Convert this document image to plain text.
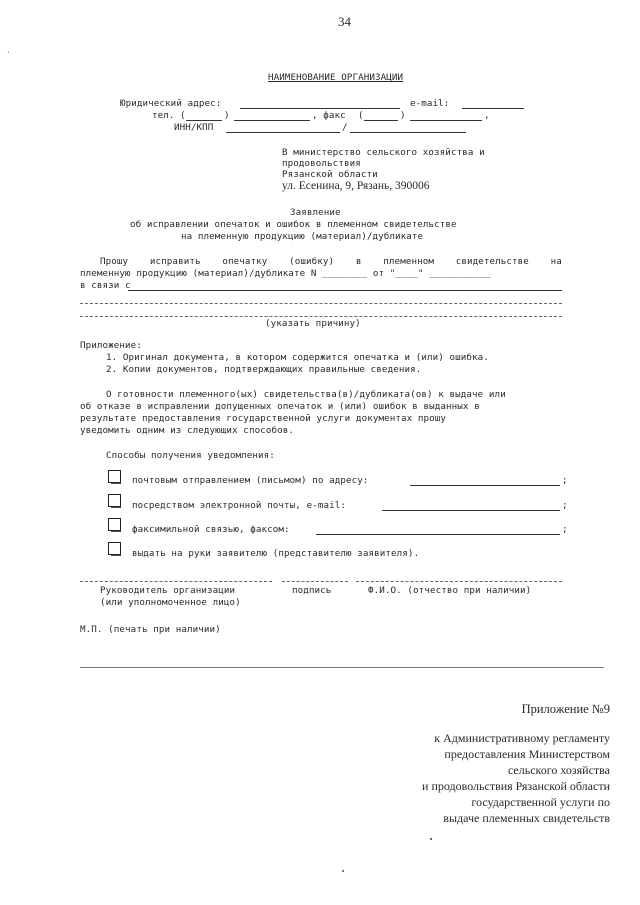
34
·
НАИМЕНОВАНИЕ ОРГАНИЗАЦИИ
Юридический адрес:	e-mail:
тел. (	)	, факс (	)	,
ИНН/КПП	/
В министерство сельского хозяйства и
продовольствия
Рязанской области
ул. Есенина, 9, Рязань, 390006
Заявление
об исправлении опечаток и ошибок в племенном свидетельстве
на племенную продукцию (материал)/дубликате
Прошу исправить опечатку (ошибку) в племенном свидетельстве на
племенную продукцию (материал)/дубликате N ________ от "____" ___________
в связи с
(указать причину)
Приложение:
1. Оригинал документа, в котором содержится опечатка и (или) ошибка.
2. Копии документов, подтверждающих правильные сведения.
О готовности племенного(ых) свидетельства(в)/дубликата(ов) к выдаче или
об отказе в исправлении допущенных опечаток и (или) ошибок в выданных в
результате предоставления государственной услуги документах прошу
уведомить одним из следующих способов.
Способы получения уведомления:
почтовым отправлением (письмом) по адресу:	;
посредством электронной почты, e-mail:	;
факсимильной связью, факсом:	;
выдать на руки заявителю (представителю заявителя).
Руководитель организации	подпись	Ф.И.О. (отчество при наличии)
(или уполномоченное лицо)
М.П. (печать при наличии)
Приложение №9
к Административному регламенту
предоставления Министерством
сельского хозяйства
и продовольствия Рязанской области
государственной услуги по
выдаче племенных свидетельств
